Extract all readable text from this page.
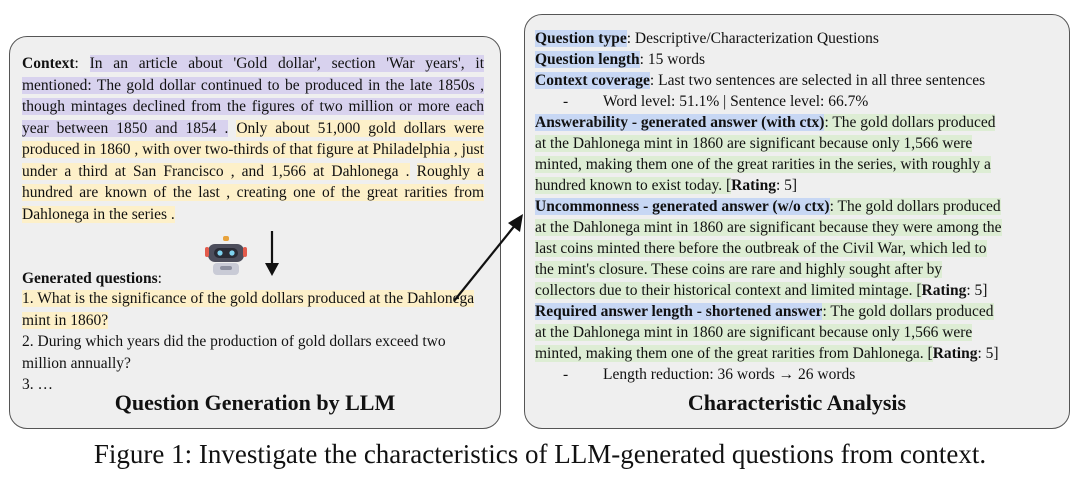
Context: In an article about 'Gold dollar', section 'War years', it mentioned: The gold dollar continued to be produced in the late 1850s , though mintages declined from the figures of two million or more each year between 1850 and 1854 . Only about 51,000 gold dollars were produced in 1860 , with over two-thirds of that figure at Philadelphia , just under a third at San Francisco , and 1,566 at Dahlonega . Roughly a hundred are known of the last , creating one of the great rarities from Dahlonega in the series .
Generated questions:
1. What is the significance of the gold dollars produced at the Dahlonega mint in 1860?
2. During which years did the production of gold dollars exceed two million annually?
3. …
Question Generation by LLM
Question type: Descriptive/Characterization Questions
Question length: 15 words
Context coverage: Last two sentences are selected in all three sentences
- Word level: 51.1% | Sentence level: 66.7%
Answerability - generated answer (with ctx): The gold dollars produced
at the Dahlonega mint in 1860 are significant because only 1,566 were
minted, making them one of the great rarities in the series, with roughly a
hundred known to exist today. [Rating: 5]
Uncommonness - generated answer (w/o ctx): The gold dollars produced
at the Dahlonega mint in 1860 are significant because they were among the
last coins minted there before the outbreak of the Civil War, which led to
the mint's closure. These coins are rare and highly sought after by
collectors due to their historical context and limited mintage. [Rating: 5]
Required answer length - shortened answer: The gold dollars produced
at the Dahlonega mint in 1860 are significant because only 1,566 were
minted, making them one of the great rarities from Dahlonega. [Rating: 5]
- Length reduction: 36 words → 26 words
Characteristic Analysis
Figure 1: Investigate the characteristics of LLM-generated questions from context.
